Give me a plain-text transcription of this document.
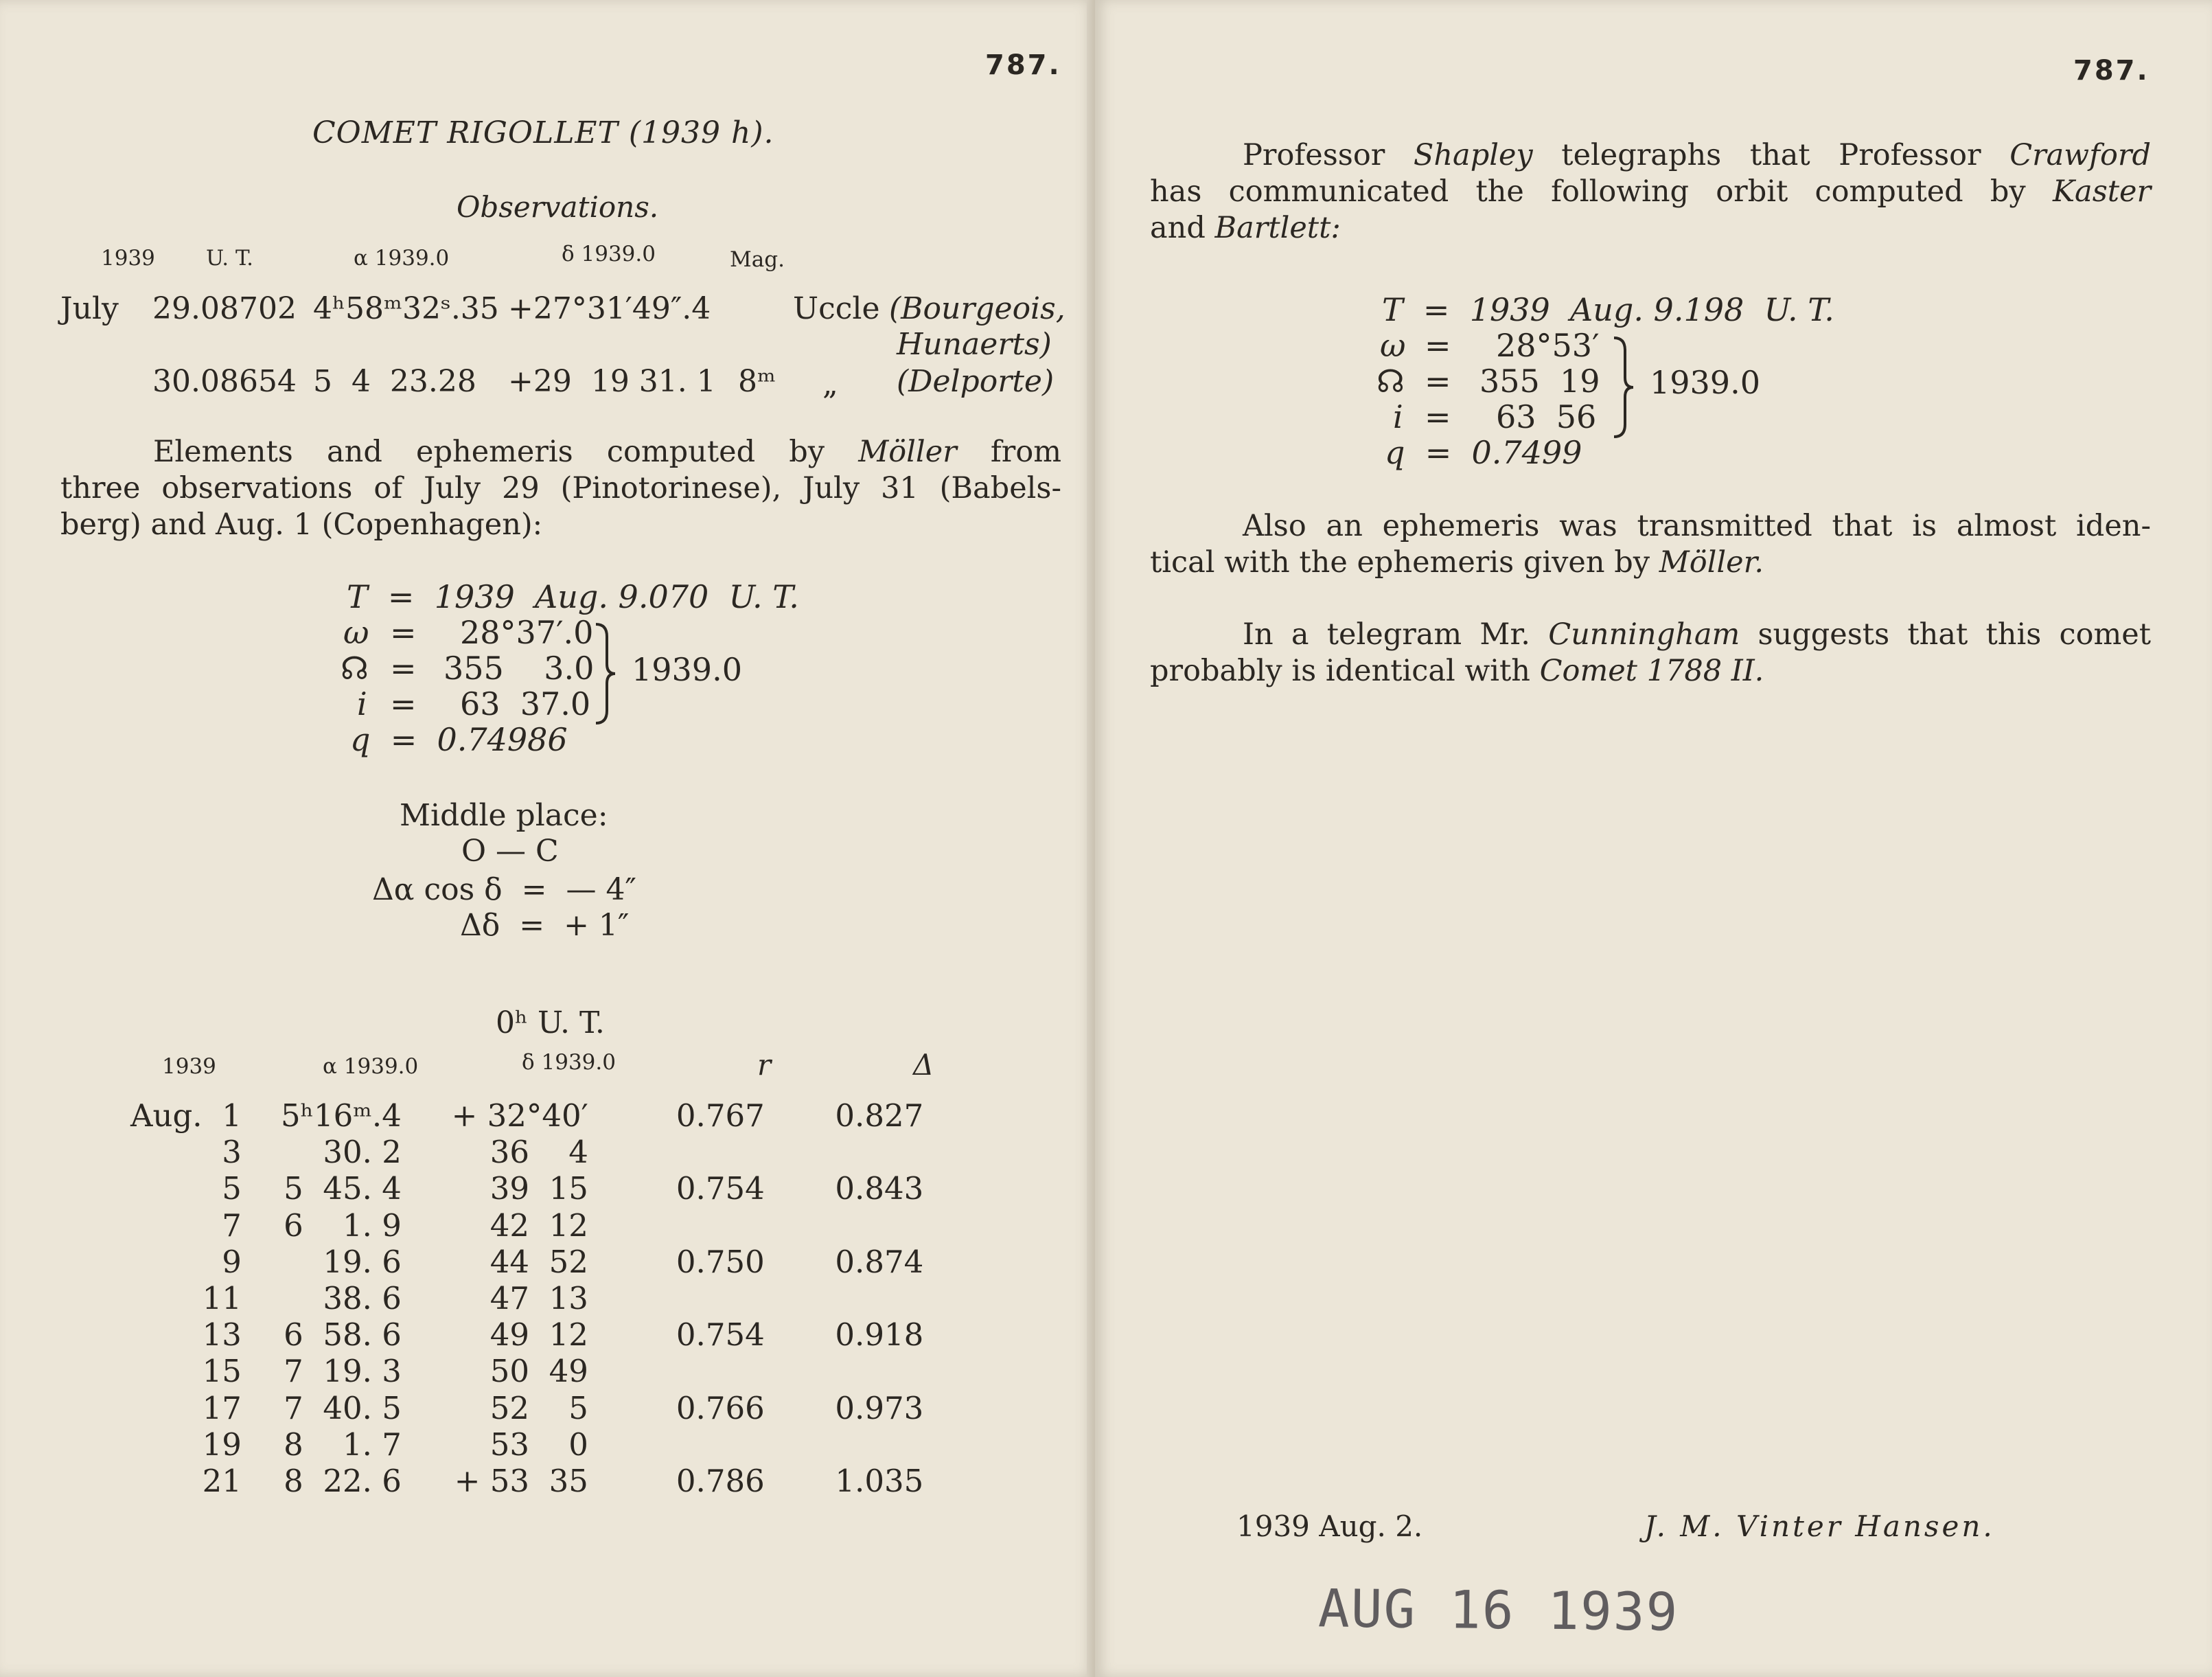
787.
COMET RIGOLLET (1939 h).
Observations.
1939 U. T.	α 1939.0	δ 1939.0	Mag.
July 29.08702 4ʰ58ᵐ32ˢ.35 +27°31′49″.4	Uccle (Bourgeois,
Hunaerts)
30.08654 5  4  23.28 +29  19 31. 1 8ᵐ „ (Delporte)
Elements and ephemeris computed by Möller from
three observations of July 29 (Pinotorinese), July 31 (Babels-
berg) and Aug. 1 (Copenhagen):
T  =  1939  Aug. 9.070  U. T.
ω = 28°37′.0
☊ = 355    3.0
i = 63  37.0
q  =  0.74986
1939.0
Middle place:
O — C
Δα cos δ  =  — 4″
Δδ  =  + 1″
0ʰ U. T.
1939	α 1939.0	δ 1939.0	r	Δ
Aug.  1	5ʰ16ᵐ.4	+ 32°40′	0.767	0.827
3	30. 2	36    4		
5	5  45. 4	39  15	0.754	0.843
7	6    1. 9	42  12		
9	19. 6	44  52	0.750	0.874
11	38. 6	47  13		
13	6  58. 6	49  12	0.754	0.918
15	7  19. 3	50  49		
17	7  40. 5	52    5	0.766	0.973
19	8    1. 7	53    0		
21	8  22. 6	+ 53  35	0.786	1.035
787.
Professor Shapley telegraphs that Professor Crawford
has communicated the following orbit computed by Kaster
and Bartlett:
T  =  1939  Aug. 9.198  U. T.
ω = 28°53′
☊ = 355  19
i = 63  56
q  =  0.7499
1939.0
Also an ephemeris was transmitted that is almost iden-
tical with the ephemeris given by Möller.
In a telegram Mr. Cunningham suggests that this comet
probably is identical with Comet 1788 II.
1939 Aug. 2.	J. M. Vinter Hansen.
AUG 16 1939
